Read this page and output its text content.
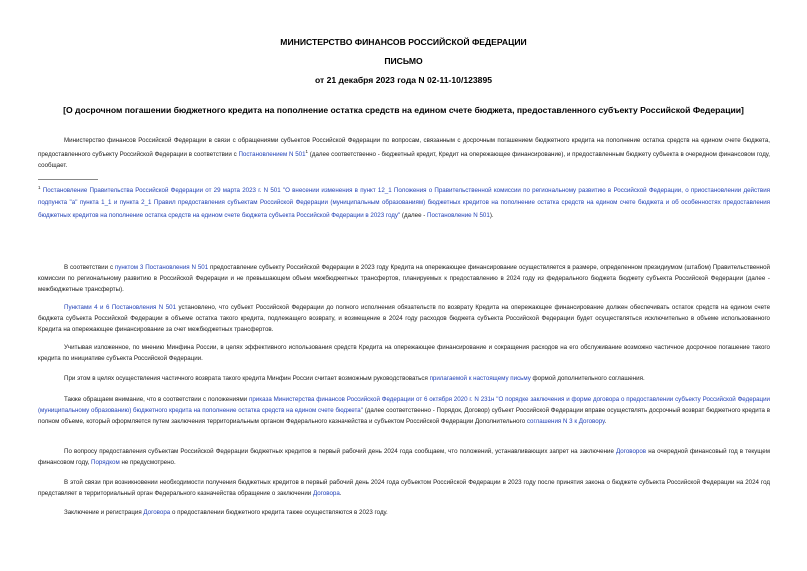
МИНИСТЕРСТВО ФИНАНСОВ РОССИЙСКОЙ ФЕДЕРАЦИИ
ПИСЬМО
от 21 декабря 2023 года N 02-11-10/123895
[О досрочном погашении бюджетного кредита на пополнение остатка средств на едином счете бюджета, предоставленного субъекту Российской Федерации]
Министерство финансов Российской Федерации в связи с обращениями субъектов Российской Федерации по вопросам, связанным с досрочным погашением бюджетного кредита на пополнение остатка средств на едином счете бюджета, предоставленного субъекту Российской Федерации в соответствии с Постановлением N $501^1$ (далее соответственно - бюджетный кредит, Кредит на опережающее финансирование), и предоставленным бюджету субъекта в очередном финансовом году, сообщает.
$^1$ Постановление Правительства Российской Федерации от 29 марта 2023 г. N 501 "О внесении изменения в пункт 12_1 Положения о Правительственной комиссии по региональному развитию в Российской Федерации, о приостановлении действия подпункта "а" пункта 1_1 и пункта 2_1 Правил предоставления субъектам Российской Федерации (муниципальным образованиям) бюджетных кредитов на пополнение остатка средств на едином счете бюджета и об особенностях предоставления бюджетных кредитов на пополнение остатка средств на едином счете бюджета субъекта Российской Федерации в 2023 году" (далее - Постановление N 501).
В соответствии с пунктом 3 Постановления N 501 предоставление субъекту Российской Федерации в 2023 году Кредита на опережающее финансирование осуществляется в размере, определенном президиумом (штабом) Правительственной комиссии по региональному развитию в Российской Федерации и не превышающем объем межбюджетных трансфертов, планируемых к предоставлению в 2024 году из федерального бюджета бюджету субъекта Российской Федерации (далее - межбюджетные трансферты).
Пунктами 4 и 6 Постановления N 501 установлено, что субъект Российской Федерации до полного исполнения обязательств по возврату Кредита на опережающее финансирование должен обеспечивать остаток средств на едином счете бюджета субъекта Российской Федерации в объеме остатка такого кредита, подлежащего возврату, и возмещение в 2024 году расходов бюджета субъекта Российской Федерации будет осуществляться исключительно в объеме использованного Кредита на опережающее финансирование за счет межбюджетных трансфертов.
Учитывая изложенное, по мнению Минфина России, в целях эффективного использования средств Кредита на опережающее финансирование и сокращения расходов на его обслуживание возможно частичное досрочное погашение такого кредита по инициативе субъекта Российской Федерации.
При этом в целях осуществления частичного возврата такого кредита Минфин России считает возможным руководствоваться прилагаемой к настоящему письму формой дополнительного соглашения.
Также обращаем внимание, что в соответствии с положениями приказа Министерства финансов Российской Федерации от 6 октября 2020 г. N 231н "О порядке заключения и форме договора о предоставлении субъекту Российской Федерации (муниципальному образованию) бюджетного кредита на пополнение остатка средств на едином счете бюджета" (далее соответственно - Порядок, Договор) субъект Российской Федерации вправе осуществлять досрочный возврат бюджетного кредита в полном объеме, который оформляется путем заключения территориальным органом Федерального казначейства и субъектом Российской Федерации Дополнительного соглашения N 3 к Договору.
По вопросу предоставления субъектам Российской Федерации бюджетных кредитов в первый рабочий день 2024 года сообщаем, что положений, устанавливающих запрет на заключение Договоров на очередной финансовый год в текущем финансовом году, Порядком не предусмотрено.
В этой связи при возникновении необходимости получения бюджетных кредитов в первый рабочий день 2024 года субъектом Российской Федерации в 2023 году после принятия закона о бюджете субъекта Российской Федерации на 2024 год представляет в территориальный орган Федерального казначейства обращение о заключении Договора.
Заключение и регистрация Договора о предоставлении бюджетного кредита также осуществляются в 2023 году.
